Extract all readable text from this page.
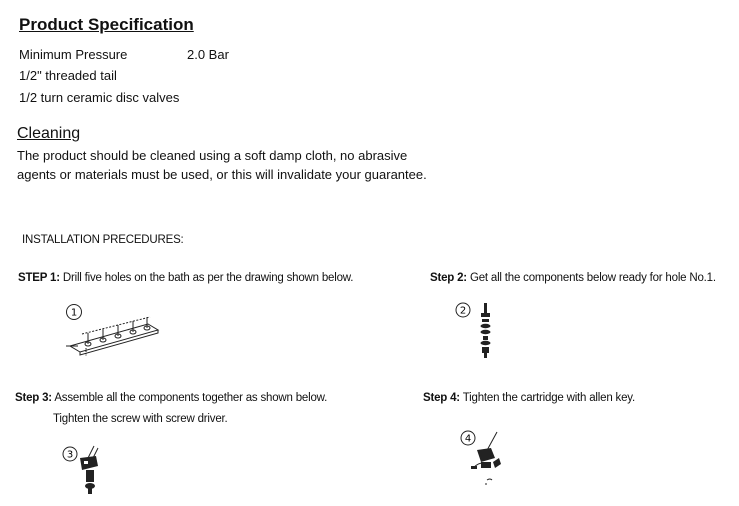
Product Specification
Minimum Pressure	2.0 Bar
1/2" threaded tail
1/2 turn ceramic disc valves
Cleaning
The product should be cleaned using a soft damp cloth, no abrasive
agents or materials must be used, or this will invalidate your guarantee.
INSTALLATION PRECEDURES:
STEP 1: Drill five holes on the bath as per the drawing shown below.
1
Step 2: Get all the components below ready for hole No.1.
2
Step 3: Assemble all the components together as shown below.
Tighten the screw with screw driver.
3
Step 4: Tighten the cartridge with allen key.
4
